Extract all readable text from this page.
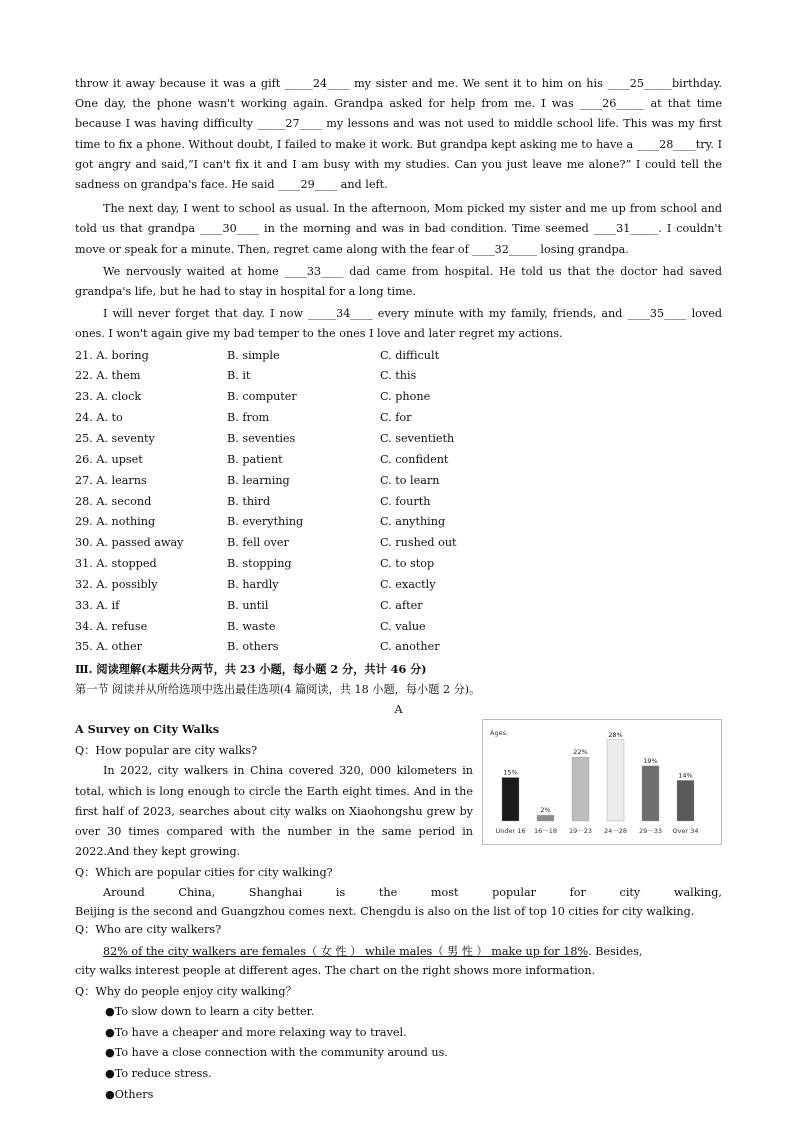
throw it away because it was a gift _____24____ my sister and me. We sent it to him on his ____25_____birthday. One day, the phone wasn't working again. Grandpa asked for help from me. I was ____26_____ at that time because I was having difficulty _____27____ my lessons and was not used to middle school life. This was my first time to fix a phone. Without doubt, I failed to make it work. But grandpa kept asking me to have a ____28____try. I got angry and said,“I can't fix it and I am busy with my studies. Can you just leave me alone?” I could tell the sadness on grandpa's face. He said ____29____ and left.

The next day, I went to school as usual. In the afternoon, Mom picked my sister and me up from school and told us that grandpa ____30____ in the morning and was in bad condition. Time seemed ____31_____. I couldn't move or speak for a minute. Then, regret came along with the fear of ____32_____ losing grandpa.

We nervously waited at home ____33____ dad came from hospital. He told us that the doctor had saved grandpa's life, but he had to stay in hospital for a long time.

I will never forget that day. I now _____34____ every minute with my family, friends, and ____35____ loved ones. I won't again give my bad temper to the ones I love and later regret my actions.

21. A. boring	B. simple	C. difficult
22. A. them	B. it	C. this
23. A. clock	B. computer	C. phone
24. A. to	B. from	C. for
25. A. seventy	B. seventies	C. seventieth
26. A. upset	B. patient	C. confident
27. A. learns	B. learning	C. to learn
28. A. second	B. third	C. fourth
29. A. nothing	B. everything	C. anything
30. A. passed away	B. fell over	C. rushed out
31. A. stopped	B. stopping	C. to stop
32. A. possibly	B. hardly	C. exactly
33. A. if	B. until	C. after
34. A. refuse	B. waste	C. value
35. A. other	B. others	C. another
Ⅲ. 阅读理解(本题共分两节，共 23 小题，每小题 2 分，共计 46 分)
第一节 阅读并从所给选项中选出最佳选项(4 篇阅读，共 18 小题，每小题 2 分)。
A
Ages:
15%
Under 16
2%
16－18
22%
19－23
28%
24－28
19%
29－33
14%
Over 34
A Survey on City Walks
Q：How popular are city walks?

In 2022, city walkers in China covered 320, 000 kilometers in total, which is long enough to circle the Earth eight times. And in the first half of 2023, searches about city walks on Xiaohongshu grew by over 30 times compared with the number in the same period in 2022.And they kept growing.

Q：Which are popular cities for city walking?

Around China, Shanghai is the most popular for city walking,

Beijing is the second and Guangzhou comes next. Chengdu is also on the list of top 10 cities for city walking.

Q：Who are city walkers?

82% of the city walkers are females（ 女 性 ） while males（ 男 性 ） make up for 18%. Besides,

city walks interest people at different ages. The chart on the right shows more information.

Q：Why do people enjoy city walking？
●To slow down to learn a city better.
●To have a cheaper and more relaxing way to travel.
●To have a close connection with the community around us.
●To reduce stress.
●Others
